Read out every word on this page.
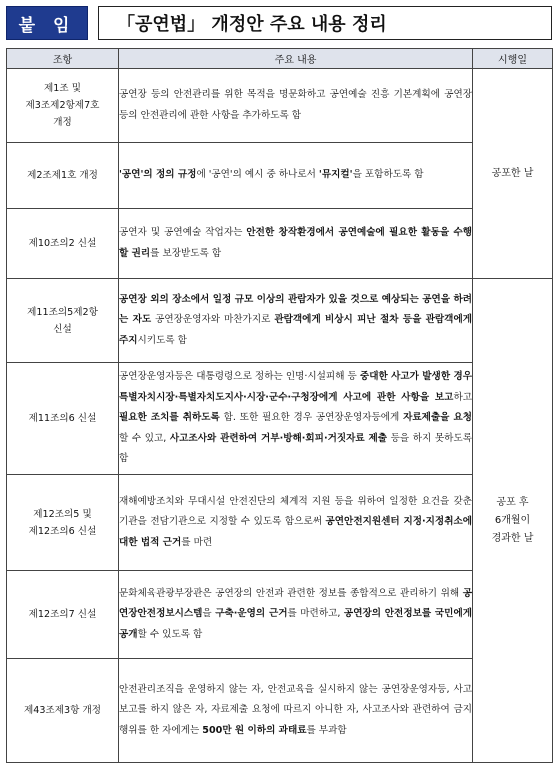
붙 임	「공연법」 개정안 주요 내용 정리
조항	주요 내용	시행일
제1조 및
제3조제2항제7호
개정	공연장 등의 안전관리를 위한 목적을 명문화하고 공연예술 진흥 기본계획에 공연장 등의 안전관리에 관한 사항을 추가하도록 함	공포한 날
제2조제1호 개정	'공연'의 정의 규정에 '공연'의 예시 중 하나로서 '뮤지컬'을 포함하도록 함	
제10조의2 신설	공연자 및 공연예술 작업자는 안전한 창작환경에서 공연예술에 필요한 활동을 수행할 권리를 보장받도록 함	
제11조의5제2항
신설	공연장 외의 장소에서 일정 규모 이상의 관람자가 있을 것으로 예상되는 공연을 하려는 자도 공연장운영자와 마찬가지로 관람객에게 비상시 피난 절차 등을 관람객에게 주지시키도록 함	공포 후
6개월이
경과한 날
제11조의6 신설	공연장운영자등은 대통령령으로 정하는 인명·시설피해 등 중대한 사고가 발생한 경우 특별자치시장·특별자치도지사·시장·군수·구청장에게 사고에 관한 사항을 보고하고 필요한 조치를 취하도록 함. 또한 필요한 경우 공연장운영자등에게 자료제출을 요청할 수 있고, 사고조사와 관련하여 거부·방해·회피·거짓자료 제출 등을 하지 못하도록 함	
제12조의5 및
제12조의6 신설	재해예방조치와 무대시설 안전진단의 체계적 지원 등을 위하여 일정한 요건을 갖춘 기관을 전담기관으로 지정할 수 있도록 함으로써 공연안전지원센터 지정·지정취소에 대한 법적 근거를 마련	
제12조의7 신설	문화체육관광부장관은 공연장의 안전과 관련한 정보를 종합적으로 관리하기 위해 공연장안전정보시스템을 구축·운영의 근거를 마련하고, 공연장의 안전정보를 국민에게 공개할 수 있도록 함	
제43조제3항 개정	안전관리조직을 운영하지 않는 자, 안전교육을 실시하지 않는 공연장운영자등, 사고보고를 하지 않은 자, 자료제출 요청에 따르지 아니한 자, 사고조사와 관련하여 금지행위를 한 자에게는 500만 원 이하의 과태료를 부과함	
